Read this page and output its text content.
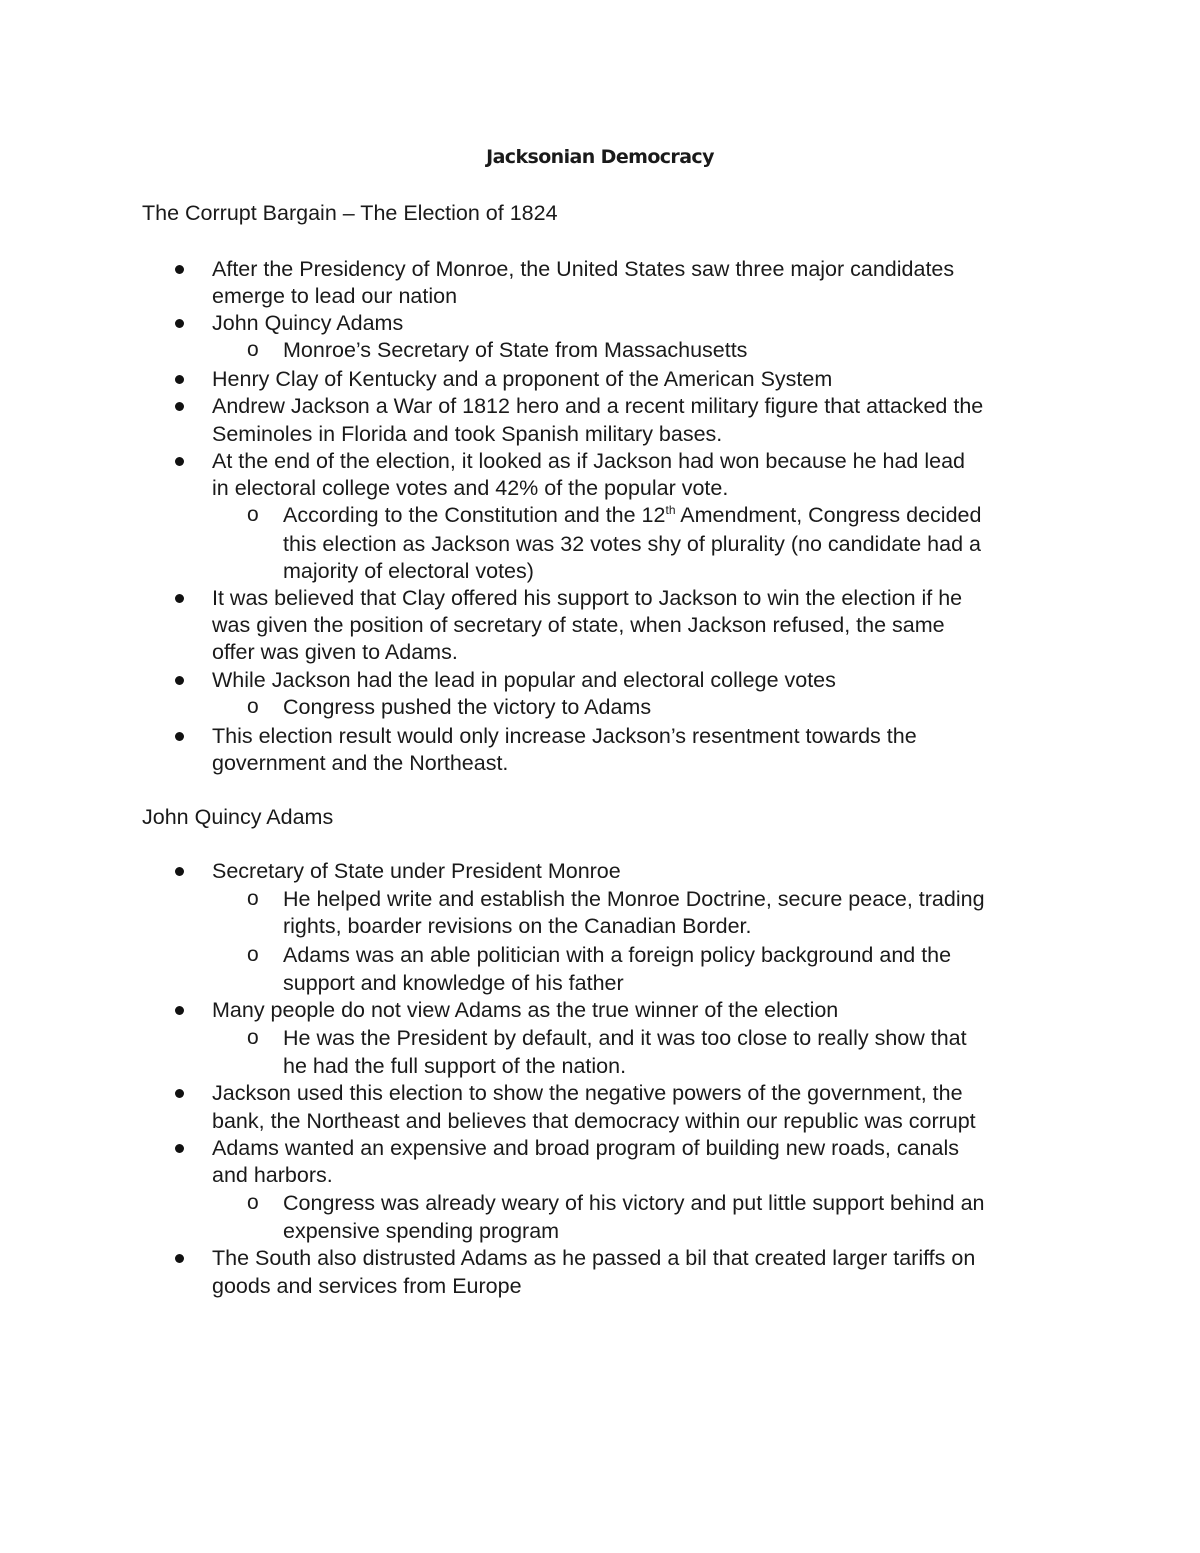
Jacksonian Democracy
The Corrupt Bargain – The Election of 1824
After the Presidency of Monroe, the United States saw three major candidates
emerge to lead our nation
John Quincy Adams
o Monroe’s Secretary of State from Massachusetts
Henry Clay of Kentucky and a proponent of the American System
Andrew Jackson a War of 1812 hero and a recent military figure that attacked the
Seminoles in Florida and took Spanish military bases.
At the end of the election, it looked as if Jackson had won because he had lead
in electoral college votes and 42% of the popular vote.
o According to the Constitution and the 12th Amendment, Congress decided
this election as Jackson was 32 votes shy of plurality (no candidate had a
majority of electoral votes)
It was believed that Clay offered his support to Jackson to win the election if he
was given the position of secretary of state, when Jackson refused, the same
offer was given to Adams.
While Jackson had the lead in popular and electoral college votes
o Congress pushed the victory to Adams
This election result would only increase Jackson’s resentment towards the
government and the Northeast.
John Quincy Adams
Secretary of State under President Monroe
o He helped write and establish the Monroe Doctrine, secure peace, trading
rights, boarder revisions on the Canadian Border.
o Adams was an able politician with a foreign policy background and the
support and knowledge of his father
Many people do not view Adams as the true winner of the election
o He was the President by default, and it was too close to really show that
he had the full support of the nation.
Jackson used this election to show the negative powers of the government, the
bank, the Northeast and believes that democracy within our republic was corrupt
Adams wanted an expensive and broad program of building new roads, canals
and harbors.
o Congress was already weary of his victory and put little support behind an
expensive spending program
The South also distrusted Adams as he passed a bil that created larger tariffs on
goods and services from Europe
